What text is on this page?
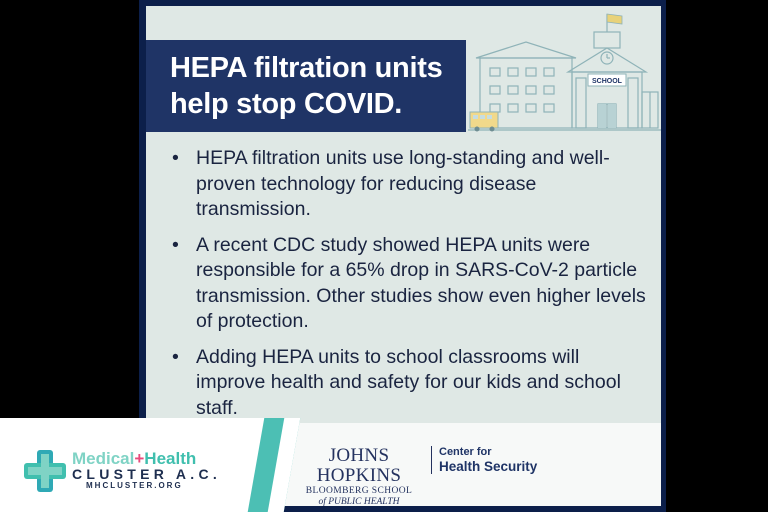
HEPA filtration units
help stop COVID.
SCHOOL
• HEPA filtration units use long-standing and well-proven technology for reducing disease transmission.
• A recent CDC study showed HEPA units were responsible for a 65% drop in SARS-CoV-2 particle transmission. Other studies show even higher levels of protection.
• Adding HEPA units to school classrooms will improve health and safety for our kids and school staff.
JOHNS HOPKINS
BLOOMBERG SCHOOL
of PUBLIC HEALTH
Center for
Health Security
Medical+Health
CLUSTER A.C.
MHCLUSTER.ORG
